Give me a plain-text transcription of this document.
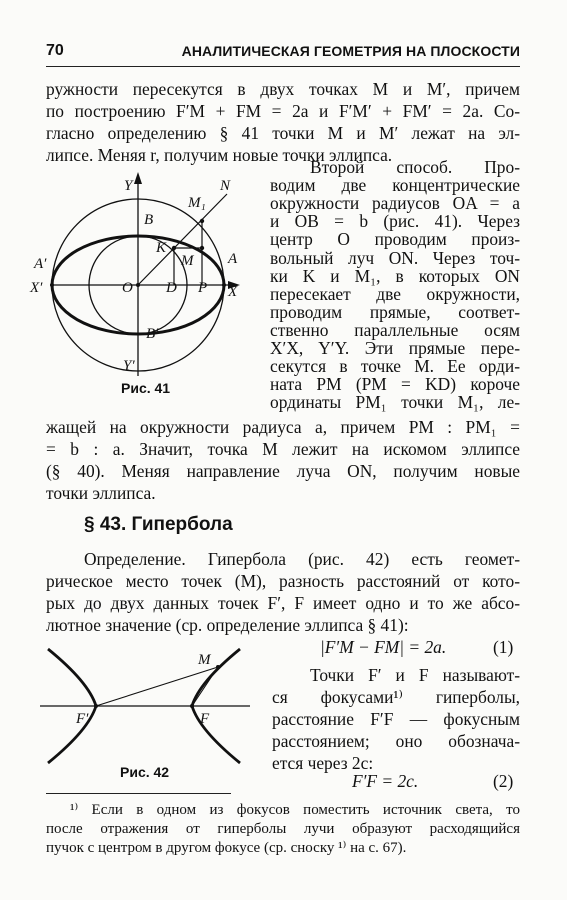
70	АНАЛИТИЧЕСКАЯ ГЕОМЕТРИЯ НА ПЛОСКОСТИ
ружности пересекутся в двух точках M и M′, причем
по построению F′M + FM = 2a и F′M′ + FM′ = 2a. Со-
гласно определению § 41 точки M и M′ лежат на эл-
липсе. Меняя r, получим новые точки эллипса.
Второй способ. Про-
водим две концентрические
окружности радиусов OA = a
и OB = b (рис. 41). Через
центр O проводим произ-
вольный луч ON. Через точ-
ки K и M₁, в которых ON
пересекает две окружности,
проводим прямые, соответ-
ственно параллельные осям
X′X, Y′Y. Эти прямые пере-
секутся в точке M. Ее орди-
ната PM (PM = KD) короче
ординаты PM₁ точки M₁, ле-
жащей на окружности радиуса a, причем PM : PM₁ =
= b : a. Значит, точка M лежит на искомом эллипсе
Y	N
M₁
B
K
M
A′	A
X′	O D P X
B′
Y′
Рис. 41
§ 43. Гипербола
Определение. Гипербола (рис. 42) есть геомет-
рическое место точек (M), разность расстояний от кото-
рых до двух данных точек F′, F имеет одно и то же абсо-
лютное значение (ср. определение эллипса § 41):
|F′M − FM| = 2a.	(1)
M
F′	F
Рис. 42
Точки F′ и F называют-
ся фокусами¹⁾ гиперболы,
расстояние F′F — фокусным
расстоянием; оно обознача-
ется через 2c:
F′F = 2c.	(2)
¹⁾ Если в одном из фокусов поместить источник света, то
после отражения от гиперболы лучи образуют расходящийся
пучок с центром в другом фокусе (ср. сноску ¹⁾ на с. 67).
(§ 40). Меняя направление луча ON, получим новые
точки эллипса.
